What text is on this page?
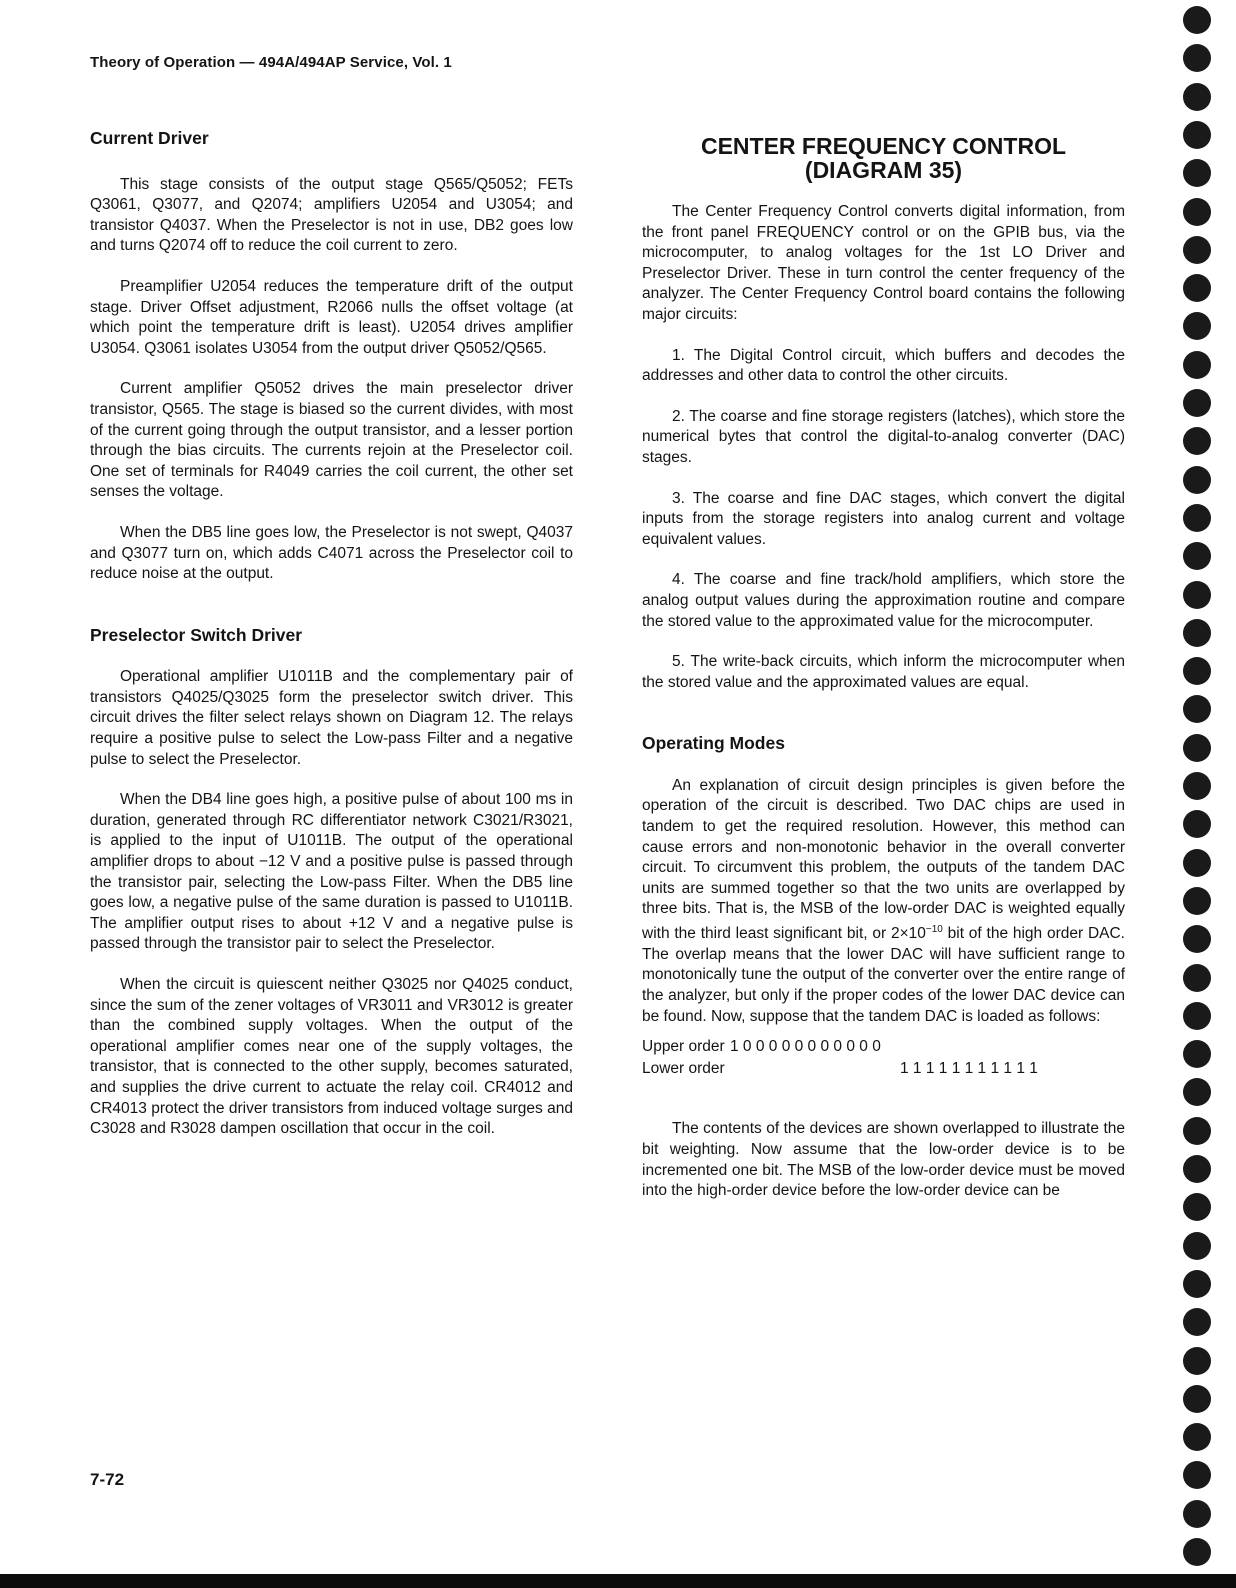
Theory of Operation — 494A/494AP Service, Vol. 1
Current Driver

This stage consists of the output stage Q565/Q5052; FETs Q3061, Q3077, and Q2074; amplifiers U2054 and U3054; and transistor Q4037. When the Preselector is not in use, DB2 goes low and turns Q2074 off to reduce the coil current to zero.

Preamplifier U2054 reduces the temperature drift of the output stage. Driver Offset adjustment, R2066 nulls the offset voltage (at which point the temperature drift is least). U2054 drives amplifier U3054. Q3061 isolates U3054 from the output driver Q5052/Q565.

Current amplifier Q5052 drives the main preselector driver transistor, Q565. The stage is biased so the current divides, with most of the current going through the output transistor, and a lesser portion through the bias circuits. The currents rejoin at the Preselector coil. One set of terminals for R4049 carries the coil current, the other set senses the voltage.

When the DB5 line goes low, the Preselector is not swept, Q4037 and Q3077 turn on, which adds C4071 across the Preselector coil to reduce noise at the output.

Preselector Switch Driver

Operational amplifier U1011B and the complementary pair of transistors Q4025/Q3025 form the preselector switch driver. This circuit drives the filter select relays shown on Diagram 12. The relays require a positive pulse to select the Low-pass Filter and a negative pulse to select the Preselector.

When the DB4 line goes high, a positive pulse of about 100 ms in duration, generated through RC differentiator network C3021/R3021, is applied to the input of U1011B. The output of the operational amplifier drops to about −12 V and a positive pulse is passed through the transistor pair, selecting the Low-pass Filter. When the DB5 line goes low, a negative pulse of the same duration is passed to U1011B. The amplifier output rises to about +12 V and a negative pulse is passed through the transistor pair to select the Preselector.

When the circuit is quiescent neither Q3025 nor Q4025 conduct, since the sum of the zener voltages of VR3011 and VR3012 is greater than the combined supply voltages. When the output of the operational amplifier comes near one of the supply voltages, the transistor, that is connected to the other supply, becomes saturated, and supplies the drive current to actuate the relay coil. CR4012 and CR4013 protect the driver transistors from induced voltage surges and C3028 and R3028 dampen oscillation that occur in the coil.

CENTER FREQUENCY CONTROL
(DIAGRAM 35)

The Center Frequency Control converts digital information, from the front panel FREQUENCY control or on the GPIB bus, via the microcomputer, to analog voltages for the 1st LO Driver and Preselector Driver. These in turn control the center frequency of the analyzer. The Center Frequency Control board contains the following major circuits:

1. The Digital Control circuit, which buffers and decodes the addresses and other data to control the other circuits.

2. The coarse and fine storage registers (latches), which store the numerical bytes that control the digital-to-analog converter (DAC) stages.

3. The coarse and fine DAC stages, which convert the digital inputs from the storage registers into analog current and voltage equivalent values.

4. The coarse and fine track/hold amplifiers, which store the analog output values during the approximation routine and compare the stored value to the approximated value for the microcomputer.

5. The write-back circuits, which inform the microcomputer when the stored value and the approximated values are equal.

Operating Modes

An explanation of circuit design principles is given before the operation of the circuit is described. Two DAC chips are used in tandem to get the required resolution. However, this method can cause errors and non-monotonic behavior in the overall converter circuit. To circumvent this problem, the outputs of the tandem DAC units are summed together so that the two units are overlapped by three bits. That is, the MSB of the low-order DAC is weighted equally with the third least significant bit, or $2\times 10^{-10}$ bit of the high order DAC. The overlap means that the lower DAC will have sufficient range to monotonically tune the output of the converter over the entire range of the analyzer, but only if the proper codes of the lower DAC device can be found. Now, suppose that the tandem DAC is loaded as follows:

Upper order 1 0 0 0 0 0 0 0 0 0 0 0
Lower order	1 1 1 1 1 1 1 1 1 1 1

The contents of the devices are shown overlapped to illustrate the bit weighting. Now assume that the low-order device is to be incremented one bit. The MSB of the low-order device must be moved into the high-order device before the low-order device can be

7-72
